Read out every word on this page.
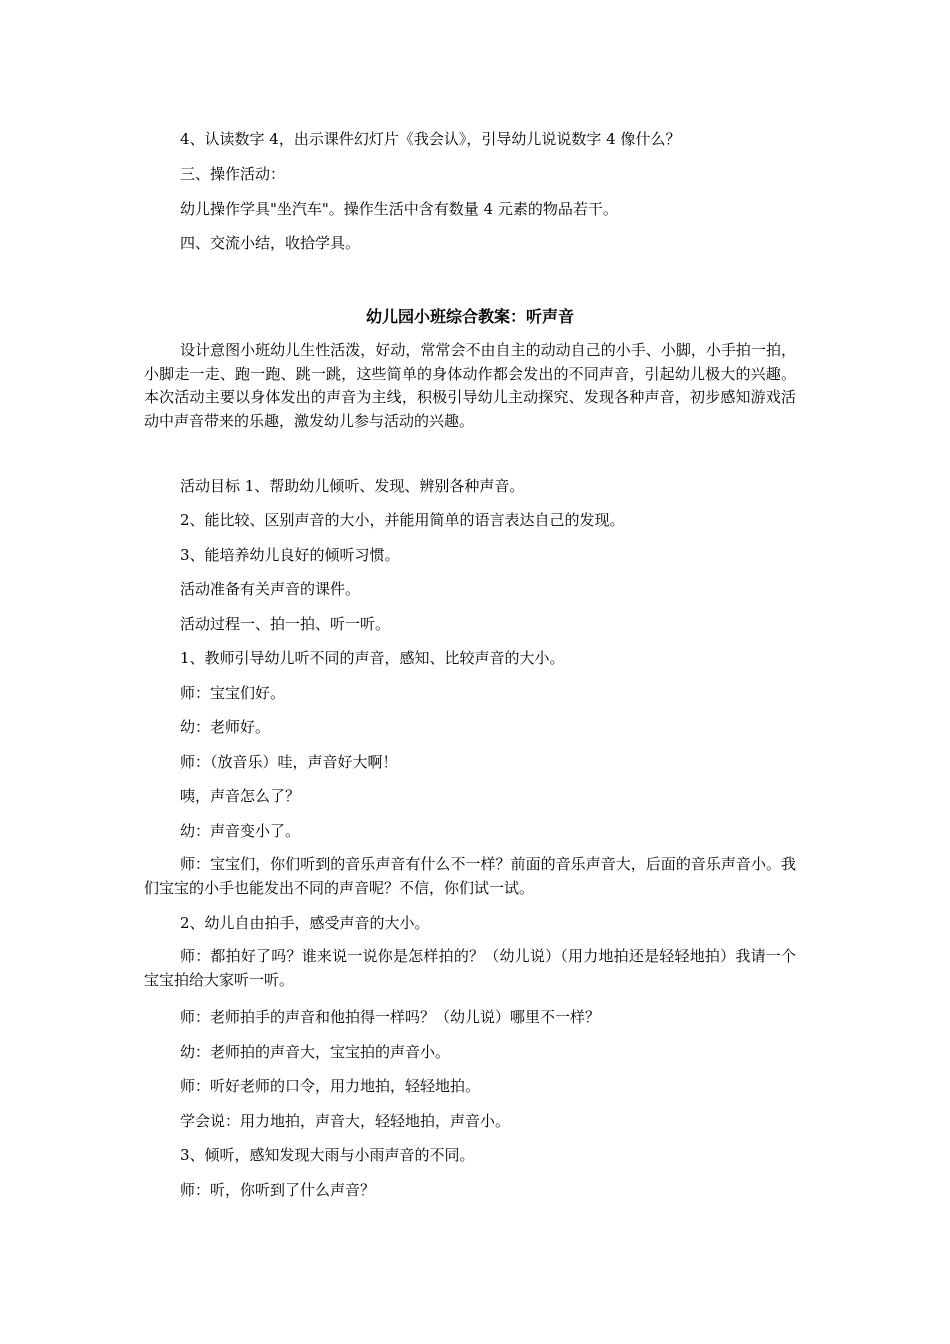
4、认读数字 4，出示课件幻灯片《我会认》，引导幼儿说说数字 4 像什么？

三、操作活动：

幼儿操作学具"坐汽车"。操作生活中含有数量 4 元素的物品若干。

四、交流小结，收拾学具。

幼儿园小班综合教案：听声音

设计意图小班幼儿生性活泼，好动，常常会不由自主的动动自己的小手、小脚，小手拍一拍，小脚走一走、跑一跑、跳一跳，这些简单的身体动作都会发出的不同声音，引起幼儿极大的兴趣。本次活动主要以身体发出的声音为主线，积极引导幼儿主动探究、发现各种声音，初步感知游戏活动中声音带来的乐趣，激发幼儿参与活动的兴趣。

活动目标 1、帮助幼儿倾听、发现、辨别各种声音。

2、能比较、区别声音的大小，并能用简单的语言表达自己的发现。

3、能培养幼儿良好的倾听习惯。

活动准备有关声音的课件。

活动过程一、拍一拍、听一听。

1、教师引导幼儿听不同的声音，感知、比较声音的大小。

师：宝宝们好。

幼：老师好。

师：（放音乐）哇，声音好大啊！

咦，声音怎么了？

幼：声音变小了。

师：宝宝们，你们听到的音乐声音有什么不一样？前面的音乐声音大，后面的音乐声音小。我们宝宝的小手也能发出不同的声音呢？不信，你们试一试。

2、幼儿自由拍手，感受声音的大小。

师：都拍好了吗？谁来说一说你是怎样拍的？（幼儿说）（用力地拍还是轻轻地拍）我请一个宝宝拍给大家听一听。

师：老师拍手的声音和他拍得一样吗？（幼儿说）哪里不一样？

幼：老师拍的声音大，宝宝拍的声音小。

师：听好老师的口令，用力地拍，轻轻地拍。

学会说：用力地拍，声音大，轻轻地拍，声音小。

3、倾听，感知发现大雨与小雨声音的不同。

师：听，你听到了什么声音？
